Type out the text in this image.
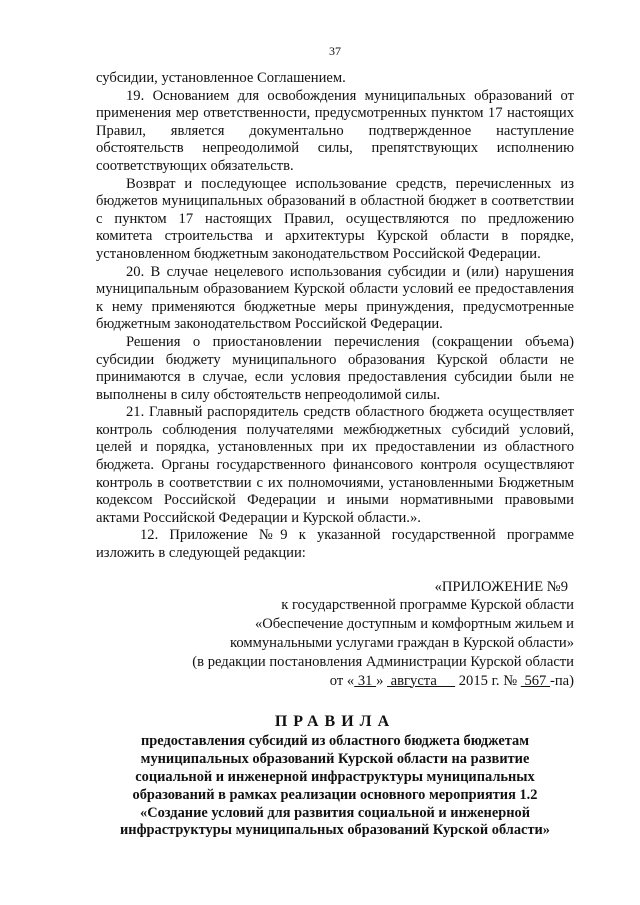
37

субсидии, установленное Соглашением.

19. Основанием для освобождения муниципальных образований от применения мер ответственности, предусмотренных пунктом 17 настоящих Правил, является документально подтвержденное наступление обстоятельств непреодолимой силы, препятствующих исполнению соответствующих обязательств.

Возврат и последующее использование средств, перечисленных из бюджетов муниципальных образований в областной бюджет в соответствии с пунктом 17 настоящих Правил, осуществляются по предложению комитета строительства и архитектуры Курской области в порядке, установленном бюджетным законодательством Российской Федерации.

20. В случае нецелевого использования субсидии и (или) нарушения муниципальным образованием Курской области условий ее предоставления к нему применяются бюджетные меры принуждения, предусмотренные бюджетным законодательством Российской Федерации.

Решения о приостановлении перечисления (сокращении объема) субсидии бюджету муниципального образования Курской области не принимаются в случае, если условия предоставления субсидии были не выполнены в силу обстоятельств непреодолимой силы.

21. Главный распорядитель средств областного бюджета осуществляет контроль соблюдения получателями межбюджетных субсидий условий, целей и порядка, установленных при их предоставлении из областного бюджета. Органы государственного финансового контроля осуществляют контроль в соответствии с их полномочиями, установленными Бюджетным кодексом Российской Федерации и иными нормативными правовыми актами Российской Федерации и Курской области.».

12. Приложение №9 к указанной государственной программе изложить в следующей редакции:

«ПРИЛОЖЕНИЕ №9
к государственной программе Курской области
«Обеспечение доступным и комфортным жильем и
коммунальными услугами граждан в Курской области»
(в редакции постановления Администрации Курской области
от « 31 »  августа      2015 г. №  567 -па)
ПРАВИЛА
предоставления субсидий из областного бюджета бюджетам
муниципальных образований Курской области на развитие
социальной и инженерной инфраструктуры муниципальных
образований в рамках реализации основного мероприятия 1.2
«Создание условий для развития социальной и инженерной
инфраструктуры муниципальных образований Курской области»
